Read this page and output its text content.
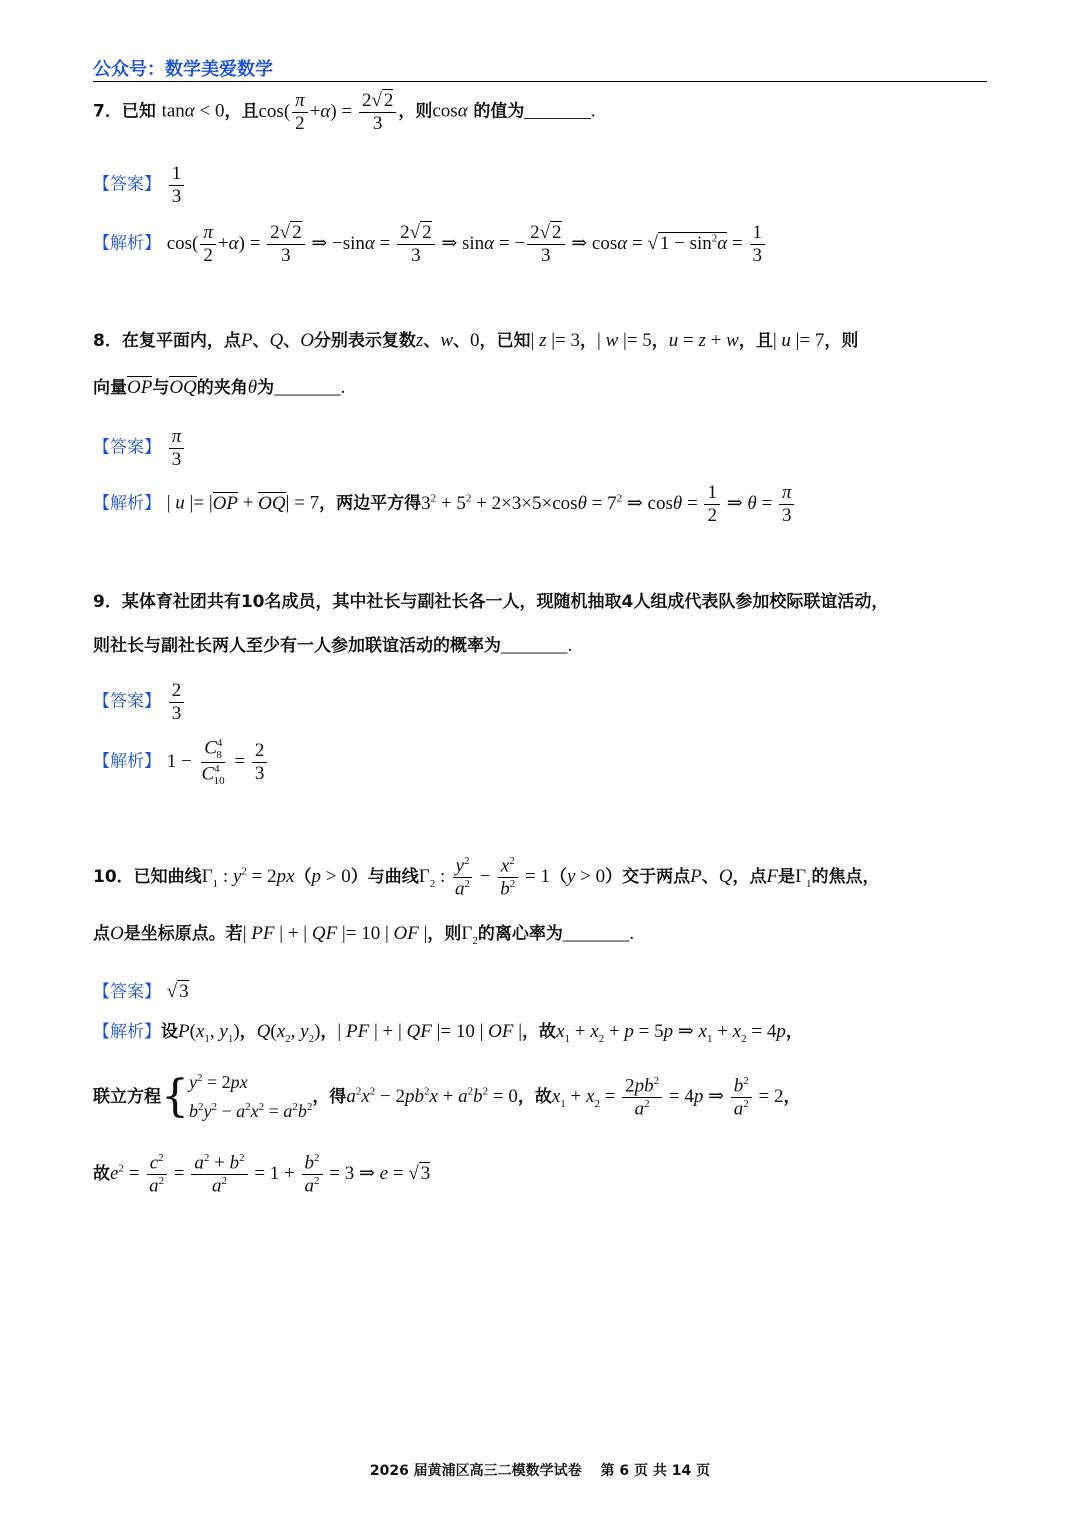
公众号：数学美爱数学
7．已知 tanα < 0，且$\cos( \frac{\pi}{2} +\alpha) = \frac{2√ 2}{3}$ ，则cosα 的值为_______.
【答案】 $\frac{1}{3}$
【解析】 $\cos( \frac{\pi}{2} +\alpha) = \frac{2√ 2}{3}$ ⇒ $-\sin\alpha = \frac{2√ 2}{3}$ ⇒ sinα = − $\frac{2√ 2}{3}$ ⇒ cosα = √ $1 - \sin^2\alpha = \frac{1}{3}$
8．在复平面内，点P、Q、O分别表示复数z、w、0，已知| z |= 3，| w |= 5，u = z + w，且| u |= 7，则
向量OP与OQ的夹角θ为_______.
【答案】 $\frac{\pi}{3}$
【解析】 | u |= |OP + OQ| = 7，两边平方得$3^2 + 5^2 + 2\times 3\times 5\times\cos\theta = 7^2$ ⇒ $\cos\theta = \frac{1}{2}$ ⇒ $\theta = \frac{\pi}{3}$
9．某体育社团共有10名成员，其中社长与副社长各一人，现随机抽取4人组成代表队参加校际联谊活动，
则社长与副社长两人至少有一人参加联谊活动的概率为_______.
【答案】 $\frac{2}{3}$
【解析】 $1 - \frac{C^4_8}{C^4_{10}} = \frac{2}{3}$
10．已知曲线$\Gamma_1$ : $y^2 = 2px(p > 0)$与曲线$\Gamma_2$ : $\frac{y^2}{a^2} - \frac{x^2}{b^2} = 1(y > 0)$交于两点P、Q，点F是$\Gamma_1$的焦点，
点O是坐标原点。若| PF | + | QF |= 10 | OF |，则$\Gamma_2$的离心率为_______.
【答案】 √ 3
【解析】设$P(x_1$, $y_1$)，$Q(x_2$, $y_2$)，| PF | + | QF |= 10 | OF |，故$x_1 + x_2 + p = 5p$ ⇒ $x_1 + x_2 = 4p$，
联立方程{ $y^2 = 2px$
$b^2y^2 - a^2x^2 = a^2b^2$ ，得$a^2x^2 - 2pb^2x + a^2b^2 = 0$，故$x_1 + x_2 = \frac{2pb^2}{a^2} = 4p$ ⇒ $\frac{b^2}{a^2} = 2$，
故$e^2 = \frac{c^2}{a^2} = \frac{a^2 + b^2}{a^2} = 1 + \frac{b^2}{a^2} = 3$ ⇒ e = √ 3
2026 届黄浦区高三二模数学试卷　 第 6 页 共 14 页
